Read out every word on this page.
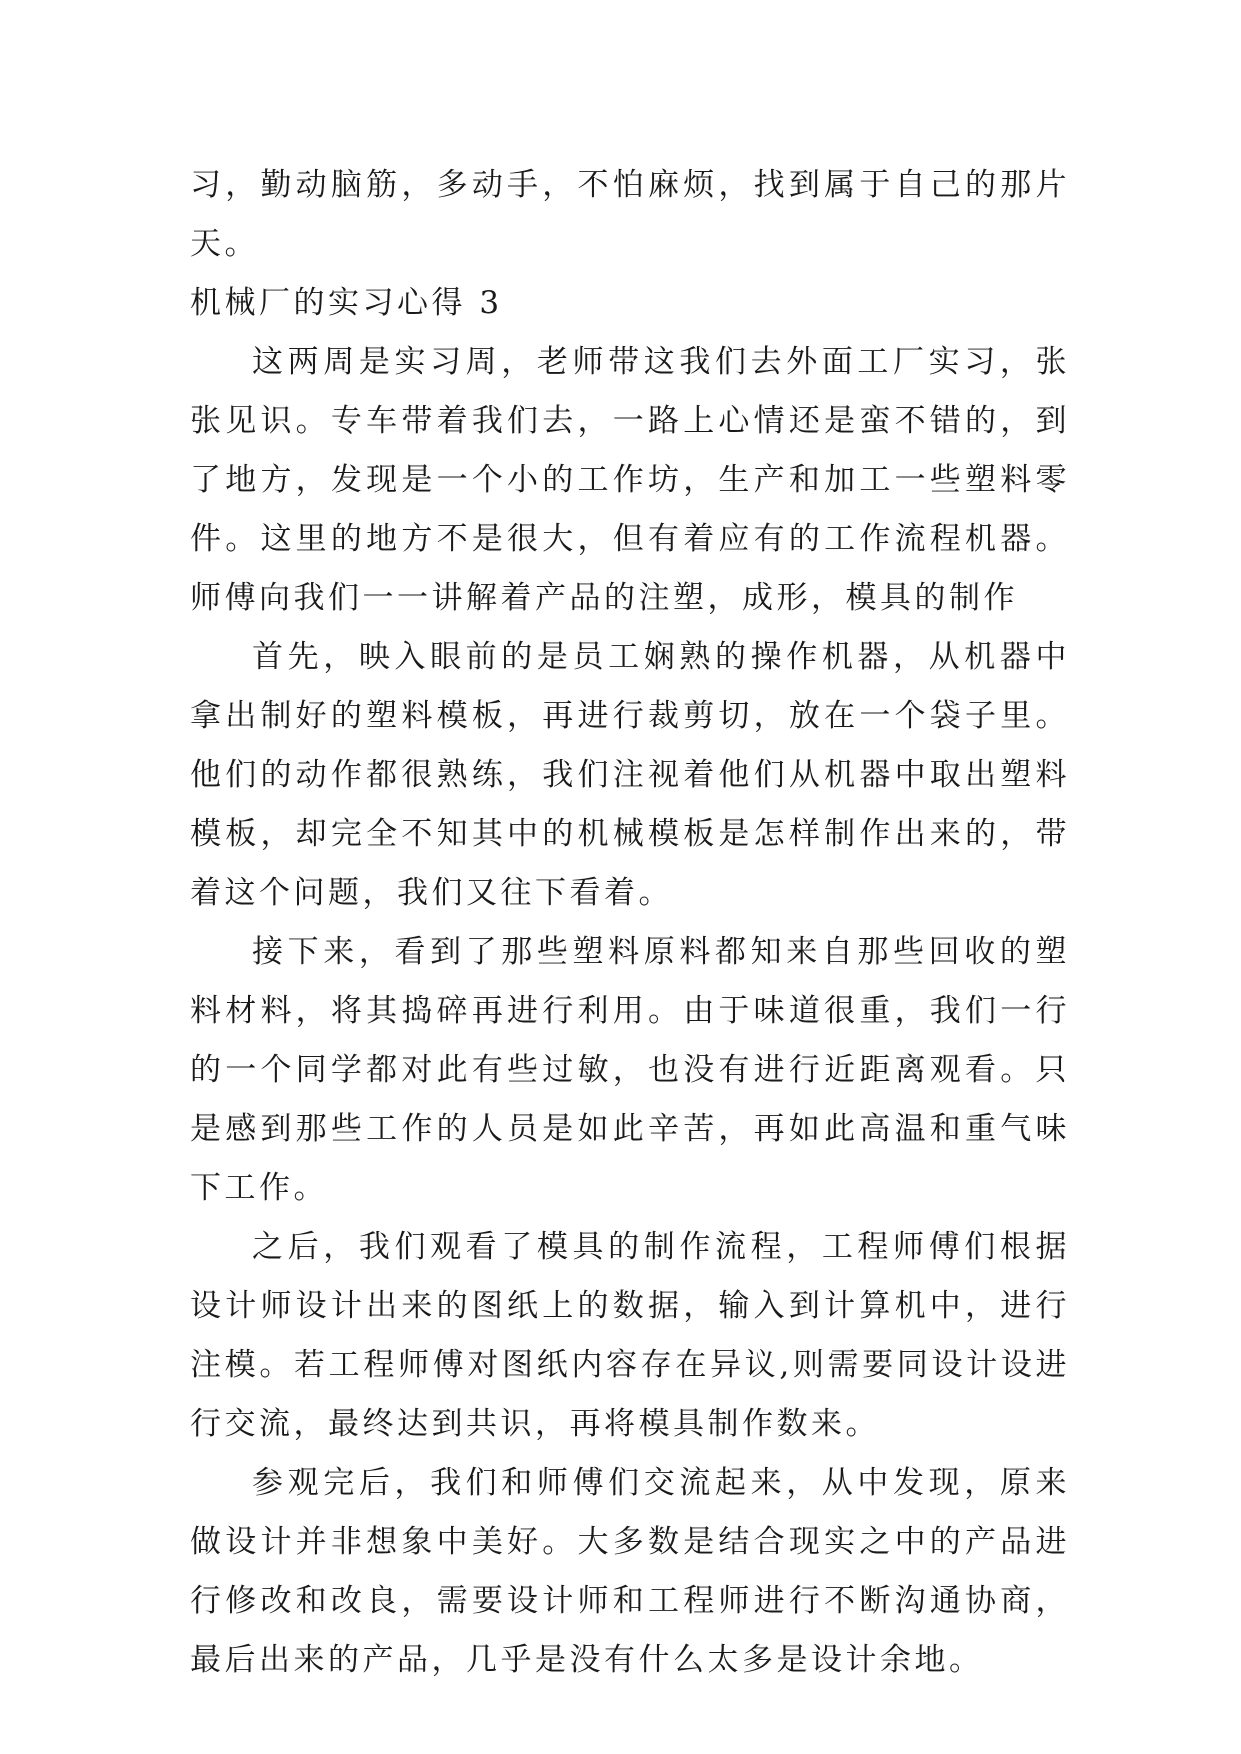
习，勤动脑筋，多动手，不怕麻烦，找到属于自己的那片天。

机械厂的实习心得 3

这两周是实习周，老师带这我们去外面工厂实习，张张见识。专车带着我们去，一路上心情还是蛮不错的，到了地方，发现是一个小的工作坊，生产和加工一些塑料零件。这里的地方不是很大，但有着应有的工作流程机器。师傅向我们一一讲解着产品的注塑，成形，模具的制作

首先，映入眼前的是员工娴熟的操作机器，从机器中拿出制好的塑料模板，再进行裁剪切，放在一个袋子里。他们的动作都很熟练，我们注视着他们从机器中取出塑料模板，却完全不知其中的机械模板是怎样制作出来的，带着这个问题，我们又往下看着。

接下来，看到了那些塑料原料都知来自那些回收的塑料材料，将其捣碎再进行利用。由于味道很重，我们一行的一个同学都对此有些过敏，也没有进行近距离观看。只是感到那些工作的人员是如此辛苦，再如此高温和重气味下工作。

之后，我们观看了模具的制作流程，工程师傅们根据设计师设计出来的图纸上的数据，输入到计算机中，进行注模。若工程师傅对图纸内容存在异议,则需要同设计设进行交流，最终达到共识，再将模具制作数来。

参观完后，我们和师傅们交流起来，从中发现，原来做设计并非想象中美好。大多数是结合现实之中的产品进行修改和改良，需要设计师和工程师进行不断沟通协商，最后出来的产品，几乎是没有什么太多是设计余地。
